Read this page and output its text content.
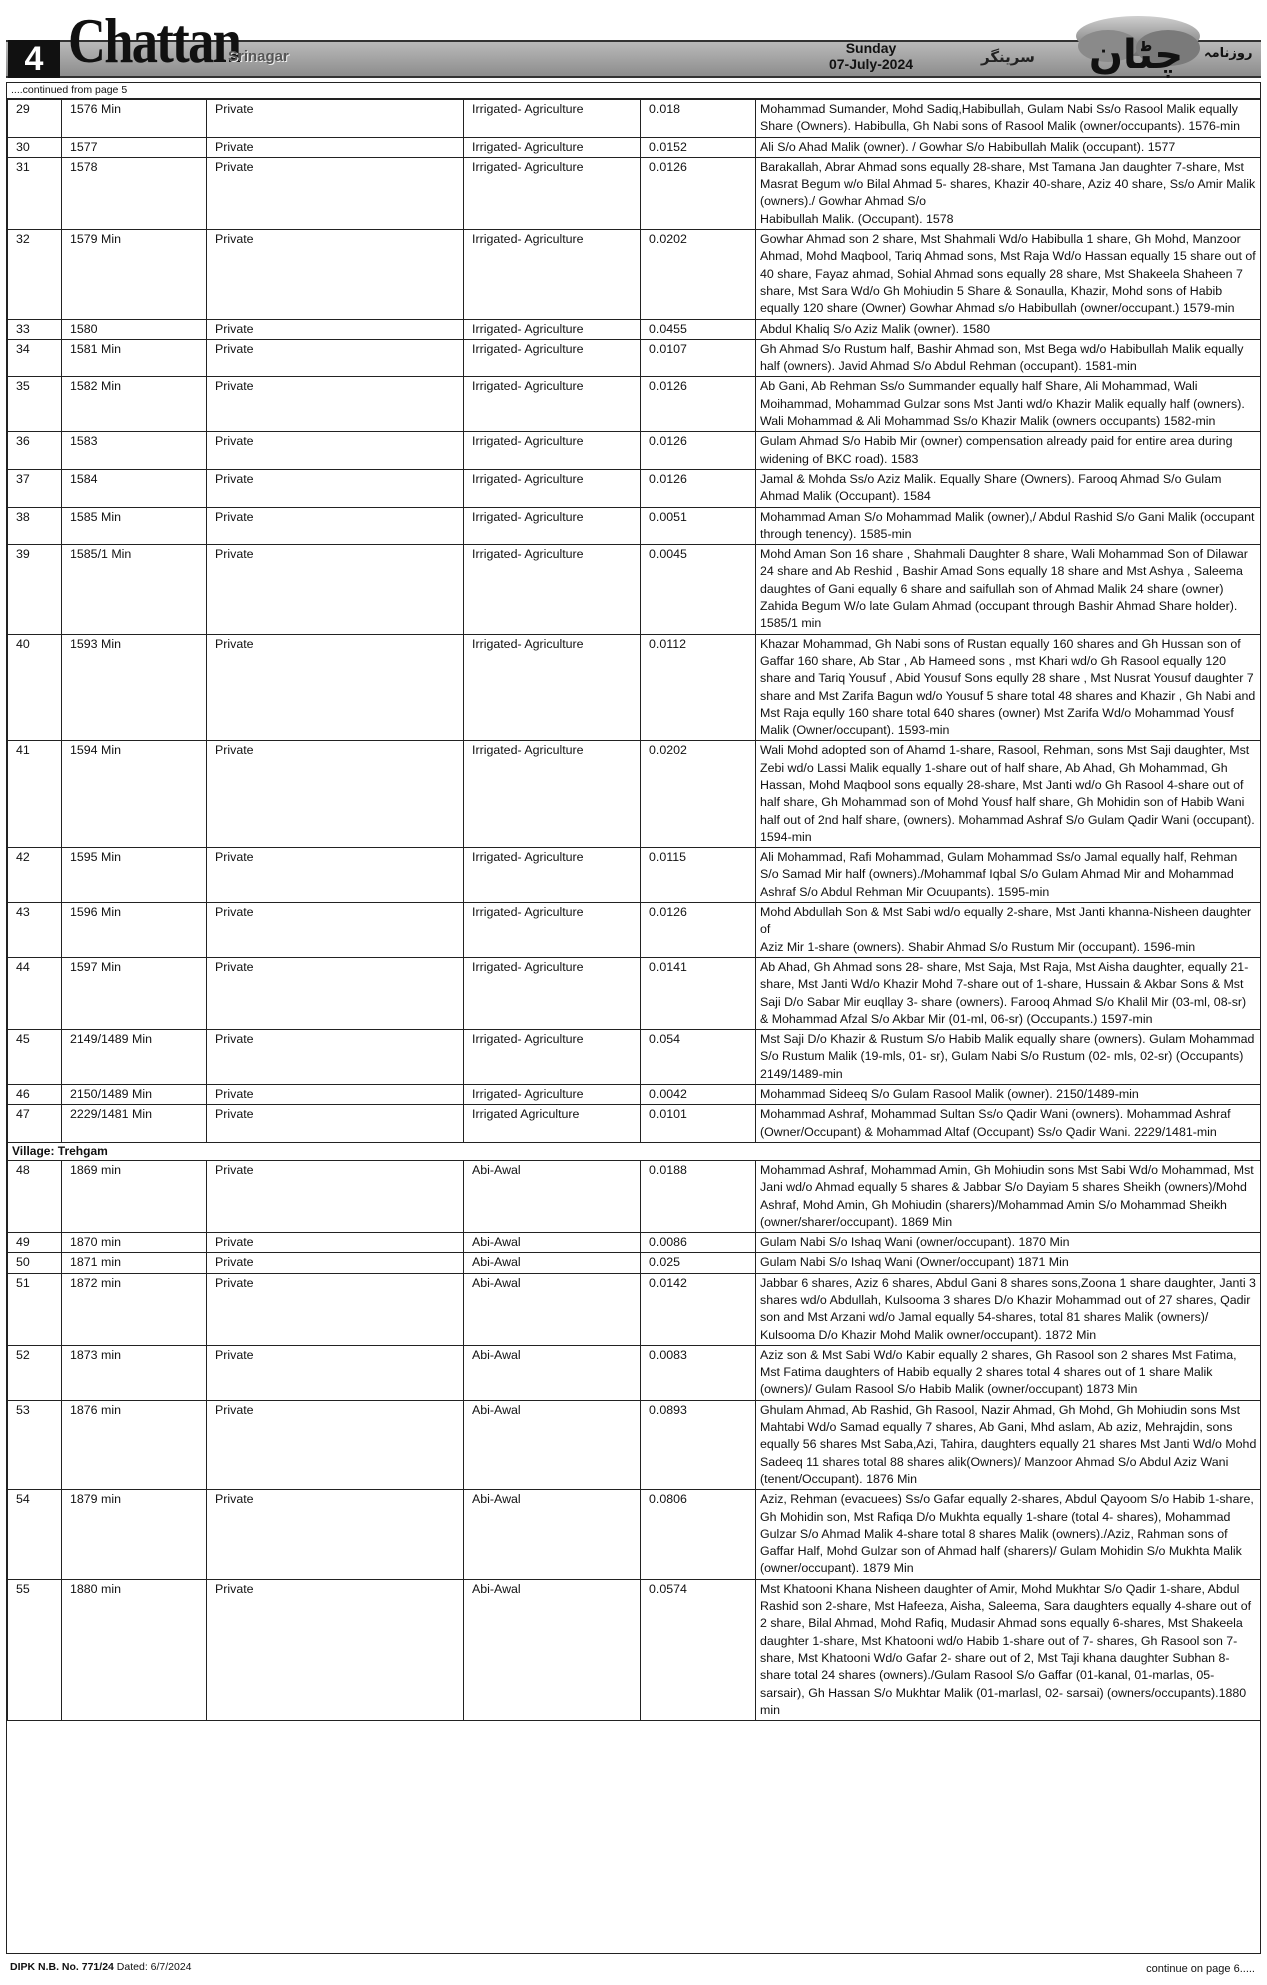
4 Chattan
Srinagar	Sunday
07-July-2024	سرینگر چٹان روزنامہ
....continued from page 5
29	1576 Min	Private	Irrigated- Agriculture	0.018	Mohammad Sumander, Mohd Sadiq,Habibullah, Gulam Nabi Ss/o Rasool Malik equally Share (Owners). Habibulla, Gh Nabi sons of Rasool Malik (owner/occupants). 1576-min
30	1577	Private	Irrigated- Agriculture	0.0152	Ali S/o Ahad Malik (owner). / Gowhar S/o Habibullah Malik (occupant). 1577
31	1578	Private	Irrigated- Agriculture	0.0126	Barakallah, Abrar Ahmad sons equally 28-share, Mst Tamana Jan daughter 7-share, Mst Masrat Begum w/o Bilal Ahmad 5- shares, Khazir 40-share, Aziz 40 share, Ss/o Amir Malik (owners)./ Gowhar Ahmad S/o
Habibullah Malik. (Occupant). 1578
32	1579 Min	Private	Irrigated- Agriculture	0.0202	Gowhar Ahmad son 2 share, Mst Shahmali Wd/o Habibulla 1 share, Gh Mohd, Manzoor Ahmad, Mohd Maqbool, Tariq Ahmad sons, Mst Raja Wd/o Hassan equally 15 share out of 40 share, Fayaz ahmad, Sohial Ahmad sons equally 28 share, Mst Shakeela Shaheen 7 share, Mst Sara Wd/o Gh Mohiudin 5 Share & Sonaulla, Khazir, Mohd sons of Habib equally 120 share (Owner) Gowhar Ahmad s/o Habibullah (owner/occupant.) 1579-min
33	1580	Private	Irrigated- Agriculture	0.0455	Abdul Khaliq S/o Aziz Malik (owner). 1580
34	1581 Min	Private	Irrigated- Agriculture	0.0107	Gh Ahmad S/o Rustum half, Bashir Ahmad son, Mst Bega wd/o Habibullah Malik equally half (owners). Javid Ahmad S/o Abdul Rehman (occupant). 1581-min
35	1582 Min	Private	Irrigated- Agriculture	0.0126	Ab Gani, Ab Rehman Ss/o Summander equally half Share, Ali Mohammad, Wali Moihammad, Mohammad Gulzar sons Mst Janti wd/o Khazir Malik equally half (owners). Wali Mohammad & Ali Mohammad Ss/o Khazir Malik (owners occupants) 1582-min
36	1583	Private	Irrigated- Agriculture	0.0126	Gulam Ahmad S/o Habib Mir (owner) compensation already paid for entire area during widening of BKC road). 1583
37	1584	Private	Irrigated- Agriculture	0.0126	Jamal & Mohda Ss/o Aziz Malik. Equally Share (Owners). Farooq Ahmad S/o Gulam Ahmad Malik (Occupant). 1584
38	1585 Min	Private	Irrigated- Agriculture	0.0051	Mohammad Aman S/o Mohammad Malik (owner),/ Abdul Rashid S/o Gani Malik (occupant through tenency). 1585-min
39	1585/1 Min	Private	Irrigated- Agriculture	0.0045	Mohd Aman Son 16 share , Shahmali Daughter 8 share, Wali Mohammad Son of Dilawar 24 share and Ab Reshid , Bashir Amad Sons equally 18 share and Mst Ashya , Saleema daughtes of Gani equally 6 share and saifullah son of Ahmad Malik 24 share (owner) Zahida Begum W/o late Gulam Ahmad (occupant through Bashir Ahmad Share holder). 1585/1 min
40	1593 Min	Private	Irrigated- Agriculture	0.0112	Khazar Mohammad, Gh Nabi sons of Rustan equally 160 shares and Gh Hussan son of Gaffar 160 share, Ab Star , Ab Hameed sons , mst Khari wd/o Gh Rasool equally 120 share and Tariq Yousuf , Abid Yousuf Sons eqully 28 share , Mst Nusrat Yousuf daughter 7 share and Mst Zarifa Bagun wd/o Yousuf 5 share total 48 shares and Khazir , Gh Nabi and Mst Raja eqully 160 share total 640 shares (owner) Mst Zarifa Wd/o Mohammad Yousf Malik (Owner/occupant). 1593-min
41	1594 Min	Private	Irrigated- Agriculture	0.0202	Wali Mohd adopted son of Ahamd 1-share, Rasool, Rehman, sons Mst Saji daughter, Mst Zebi wd/o Lassi Malik equally 1-share out of half share, Ab Ahad, Gh Mohammad, Gh Hassan, Mohd Maqbool sons equally 28-share, Mst Janti wd/o Gh Rasool 4-share out of half share, Gh Mohammad son of Mohd Yousf half share, Gh Mohidin son of Habib Wani half out of 2nd half share, (owners). Mohammad Ashraf S/o Gulam Qadir Wani (occupant). 1594-min
42	1595 Min	Private	Irrigated- Agriculture	0.0115	Ali Mohammad, Rafi Mohammad, Gulam Mohammad Ss/o Jamal equally half, Rehman S/o Samad Mir half (owners)./Mohammaf Iqbal S/o Gulam Ahmad Mir and Mohammad Ashraf S/o Abdul Rehman Mir Ocuupants). 1595-min
43	1596 Min	Private	Irrigated- Agriculture	0.0126	Mohd Abdullah Son & Mst Sabi wd/o equally 2-share, Mst Janti khanna-Nisheen daughter of
Aziz Mir 1-share (owners). Shabir Ahmad S/o Rustum Mir (occupant). 1596-min
44	1597 Min	Private	Irrigated- Agriculture	0.0141	Ab Ahad, Gh Ahmad sons 28- share, Mst Saja, Mst Raja, Mst Aisha daughter, equally 21- share, Mst Janti Wd/o Khazir Mohd 7-share out of 1-share, Hussain & Akbar Sons & Mst Saji D/o Sabar Mir euqllay 3- share (owners). Farooq Ahmad S/o Khalil Mir (03-ml, 08-sr) & Mohammad Afzal S/o Akbar Mir (01-ml, 06-sr) (Occupants.) 1597-min
45	2149/1489 Min	Private	Irrigated- Agriculture	0.054	Mst Saji D/o Khazir & Rustum S/o Habib Malik equally share (owners). Gulam Mohammad S/o Rustum Malik (19-mls, 01- sr), Gulam Nabi S/o Rustum (02- mls, 02-sr) (Occupants) 2149/1489-min
46	2150/1489 Min	Private	Irrigated- Agriculture	0.0042	Mohammad Sideeq S/o Gulam Rasool Malik (owner). 2150/1489-min
47	2229/1481 Min	Private	Irrigated Agriculture	0.0101	Mohammad Ashraf, Mohammad Sultan Ss/o Qadir Wani (owners). Mohammad Ashraf (Owner/Occupant) & Mohammad Altaf (Occupant) Ss/o Qadir Wani. 2229/1481-min
Village: Trehgam					
48	1869 min	Private	Abi-Awal	0.0188	Mohammad Ashraf, Mohammad Amin, Gh Mohiudin sons Mst Sabi Wd/o Mohammad, Mst Jani wd/o Ahmad equally 5 shares & Jabbar S/o Dayiam 5 shares Sheikh (owners)/Mohd Ashraf, Mohd Amin, Gh Mohiudin (sharers)/Mohammad Amin S/o Mohammad Sheikh (owner/sharer/occupant). 1869 Min
49	1870 min	Private	Abi-Awal	0.0086	Gulam Nabi S/o Ishaq Wani (owner/occupant). 1870 Min
50	1871 min	Private	Abi-Awal	0.025	Gulam Nabi S/o Ishaq Wani (Owner/occupant) 1871 Min
51	1872 min	Private	Abi-Awal	0.0142	Jabbar 6 shares, Aziz 6 shares, Abdul Gani 8 shares sons,Zoona 1 share daughter, Janti 3 shares wd/o Abdullah, Kulsooma 3 shares D/o Khazir Mohammad out of 27 shares, Qadir son and Mst Arzani wd/o Jamal equally 54-shares, total 81 shares Malik (owners)/ Kulsooma D/o Khazir Mohd Malik owner/occupant). 1872 Min
52	1873 min	Private	Abi-Awal	0.0083	Aziz son & Mst Sabi Wd/o Kabir equally 2 shares, Gh Rasool son 2 shares Mst Fatima, Mst Fatima daughters of Habib equally 2 shares total 4 shares out of 1 share Malik (owners)/ Gulam Rasool S/o Habib Malik (owner/occupant) 1873 Min
53	1876 min	Private	Abi-Awal	0.0893	Ghulam Ahmad, Ab Rashid, Gh Rasool, Nazir Ahmad, Gh Mohd, Gh Mohiudin sons Mst Mahtabi Wd/o Samad equally 7 shares, Ab Gani, Mhd aslam, Ab aziz, Mehrajdin, sons equally 56 shares Mst Saba,Azi, Tahira, daughters equally 21 shares Mst Janti Wd/o Mohd Sadeeq 11 shares total 88 shares alik(Owners)/ Manzoor Ahmad S/o Abdul Aziz Wani (tenent/Occupant). 1876 Min
54	1879 min	Private	Abi-Awal	0.0806	Aziz, Rehman (evacuees) Ss/o Gafar equally 2-shares, Abdul Qayoom S/o Habib 1-share, Gh Mohidin son, Mst Rafiqa D/o Mukhta equally 1-share (total 4- shares), Mohammad Gulzar S/o Ahmad Malik 4-share total 8 shares Malik (owners)./Aziz, Rahman sons of Gaffar Half, Mohd Gulzar son of Ahmad half (sharers)/ Gulam Mohidin S/o Mukhta Malik (owner/occupant). 1879 Min
55	1880 min	Private	Abi-Awal	0.0574	Mst Khatooni Khana Nisheen daughter of Amir, Mohd Mukhtar S/o Qadir 1-share, Abdul Rashid son 2-share, Mst Hafeeza, Aisha, Saleema, Sara daughters equally 4-share out of 2 share, Bilal Ahmad, Mohd Rafiq, Mudasir Ahmad sons equally 6-shares, Mst Shakeela daughter 1-share, Mst Khatooni wd/o Habib 1-share out of 7- shares, Gh Rasool son 7-share, Mst Khatooni Wd/o Gafar 2- share out of 2, Mst Taji khana daughter Subhan 8-share total 24 shares (owners)./Gulam Rasool S/o Gaffar (01-kanal, 01-marlas, 05-sarsair), Gh Hassan S/o Mukhtar Malik (01-marlasl, 02- sarsai) (owners/occupants).1880 min
DIPK N.B. No. 771/24 Dated: 6/7/2024	continue on page 6.....
